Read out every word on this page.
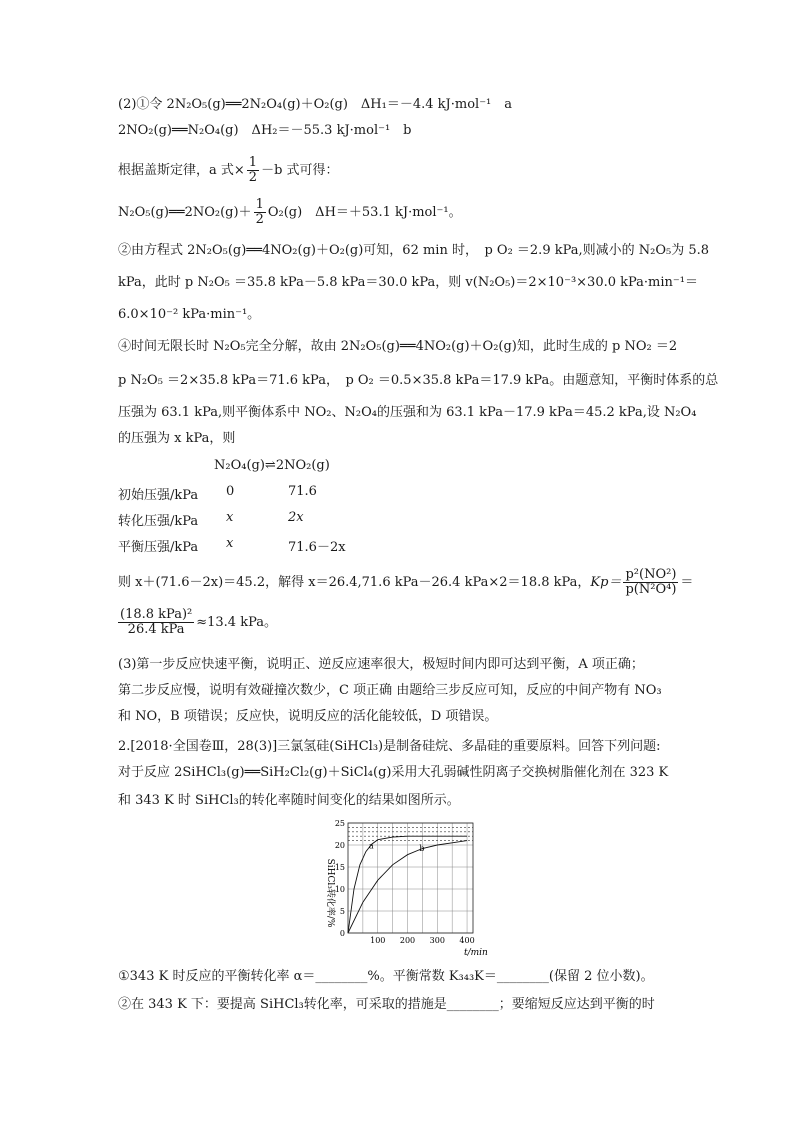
(2)①令 2N₂O₅(g)══2N₂O₄(g)＋O₂(g)　ΔH₁＝－4.4 kJ·mol⁻¹　a
2NO₂(g)══N₂O₄(g)　ΔH₂＝－55.3 kJ·mol⁻¹　b
根据盖斯定律，a 式× $\frac{1}{2} -b$ 式可得：
N₂O₅(g)══2NO₂(g)＋ $\frac{1}{2} O_2(g)$　ΔH＝＋53.1 kJ·mol⁻¹。
②由方程式 2N₂O₅(g)══4NO₂(g)＋O₂(g)可知，62 min 时，　p O₂ ＝2.9 kPa,则减小的 N₂O₅为 5.8
kPa，此时 p N₂O₅ ＝35.8 kPa－5.8 kPa＝30.0 kPa，则 v(N₂O₅)＝2×10⁻³×30.0 kPa·min⁻¹＝
6.0×10⁻² kPa·min⁻¹。
④时间无限长时 N₂O₅完全分解，故由 2N₂O₅(g)══4NO₂(g)＋O₂(g)知，此时生成的 p NO₂ ＝2
p N₂O₅ ＝2×35.8 kPa＝71.6 kPa，　p O₂ ＝0.5×35.8 kPa＝17.9 kPa。由题意知，平衡时体系的总
压强为 63.1 kPa,则平衡体系中 NO₂、N₂O₄的压强和为 63.1 kPa－17.9 kPa＝45.2 kPa,设 N₂O₄
的压强为 x kPa，则
N₂O₄(g)⇌2NO₂(g)
初始压强/kPa 0	71.6
转化压强/kPa x	2x
平衡压强/kPa x	71.6－2x
则 x＋(71.6－2x)＝45.2，解得 x＝26.4,71.6 kPa－26.4 kPa×2＝18.8 kPa，$Kp= \frac{\text{p²(NO²)}}{\text{p(N²O⁴)}}$ ＝
$\frac{\text{(18.8 kPa)²}}{\text{26.4 kPa}} \approx 13.4$ kPa。
(3)第一步反应快速平衡，说明正、逆反应速率很大，极短时间内即可达到平衡，A 项正确；
第二步反应慢，说明有效碰撞次数少，C 项正确 由题给三步反应可知，反应的中间产物有 NO₃
和 NO，B 项错误；反应快，说明反应的活化能较低，D 项错误。
2.[2018·全国卷Ⅲ，28(3)]三氯氢硅(SiHCl₃)是制备硅烷、多晶硅的重要原料。回答下列问题:
对于反应 2SiHCl₃(g)══SiH₂Cl₂(g)＋SiCl₄(g)采用大孔弱碱性阴离子交换树脂催化剂在 323 K
和 343 K 时 SiHCl₃的转化率随时间变化的结果如图所示。
0
5
10
15
20
25
100 200 300 400
a	b
SiHCl₃转化率/%
t/min
①343 K 时反应的平衡转化率 α＝________%。平衡常数 K₃₄₃K＝________(保留 2 位小数)。
②在 343 K 下：要提高 SiHCl₃转化率，可采取的措施是________；要缩短反应达到平衡的时
